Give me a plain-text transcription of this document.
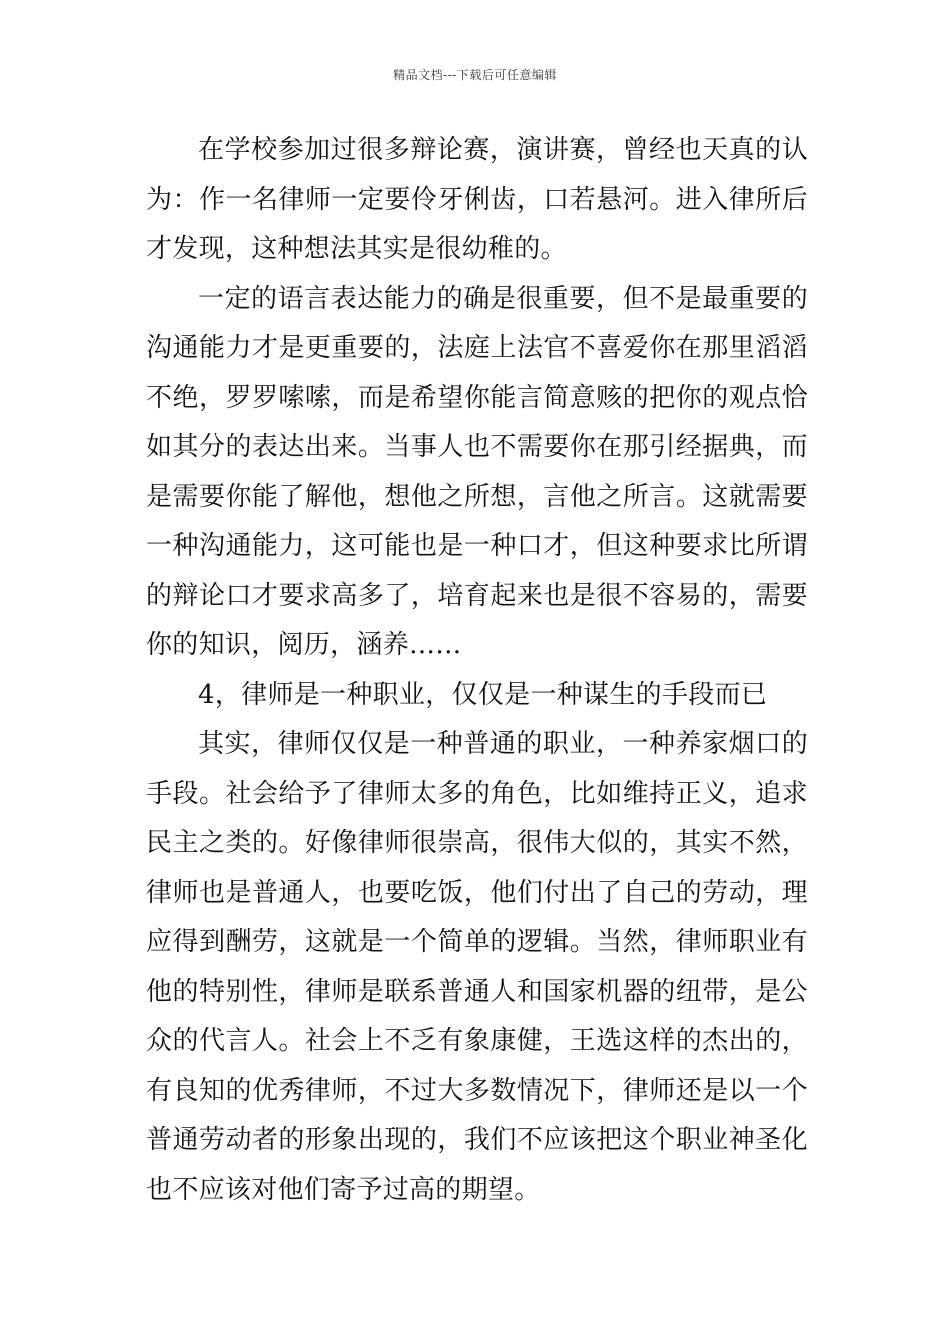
精品文档---下载后可任意编辑

在学校参加过很多辩论赛，演讲赛，曾经也天真的认为：作一名律师一定要伶牙俐齿，口若悬河。进入律所后才发现，这种想法其实是很幼稚的。

一定的语言表达能力的确是很重要，但不是最重要的沟通能力才是更重要的，法庭上法官不喜爱你在那里滔滔不绝，罗罗嗦嗦，而是希望你能言简意赅的把你的观点恰如其分的表达出来。当事人也不需要你在那引经据典，而是需要你能了解他，想他之所想，言他之所言。这就需要一种沟通能力，这可能也是一种口才，但这种要求比所谓的辩论口才要求高多了，培育起来也是很不容易的，需要你的知识，阅历，涵养……

4，律师是一种职业，仅仅是一种谋生的手段而已

其实，律师仅仅是一种普通的职业，一种养家烟口的手段。社会给予了律师太多的角色，比如维持正义，追求民主之类的。好像律师很崇高，很伟大似的，其实不然，律师也是普通人，也要吃饭，他们付出了自己的劳动，理应得到酬劳，这就是一个简单的逻辑。当然，律师职业有他的特别性，律师是联系普通人和国家机器的纽带，是公众的代言人。社会上不乏有象康健，王选这样的杰出的，有良知的优秀律师，不过大多数情况下，律师还是以一个普通劳动者的形象出现的，我们不应该把这个职业神圣化也不应该对他们寄予过高的期望。
